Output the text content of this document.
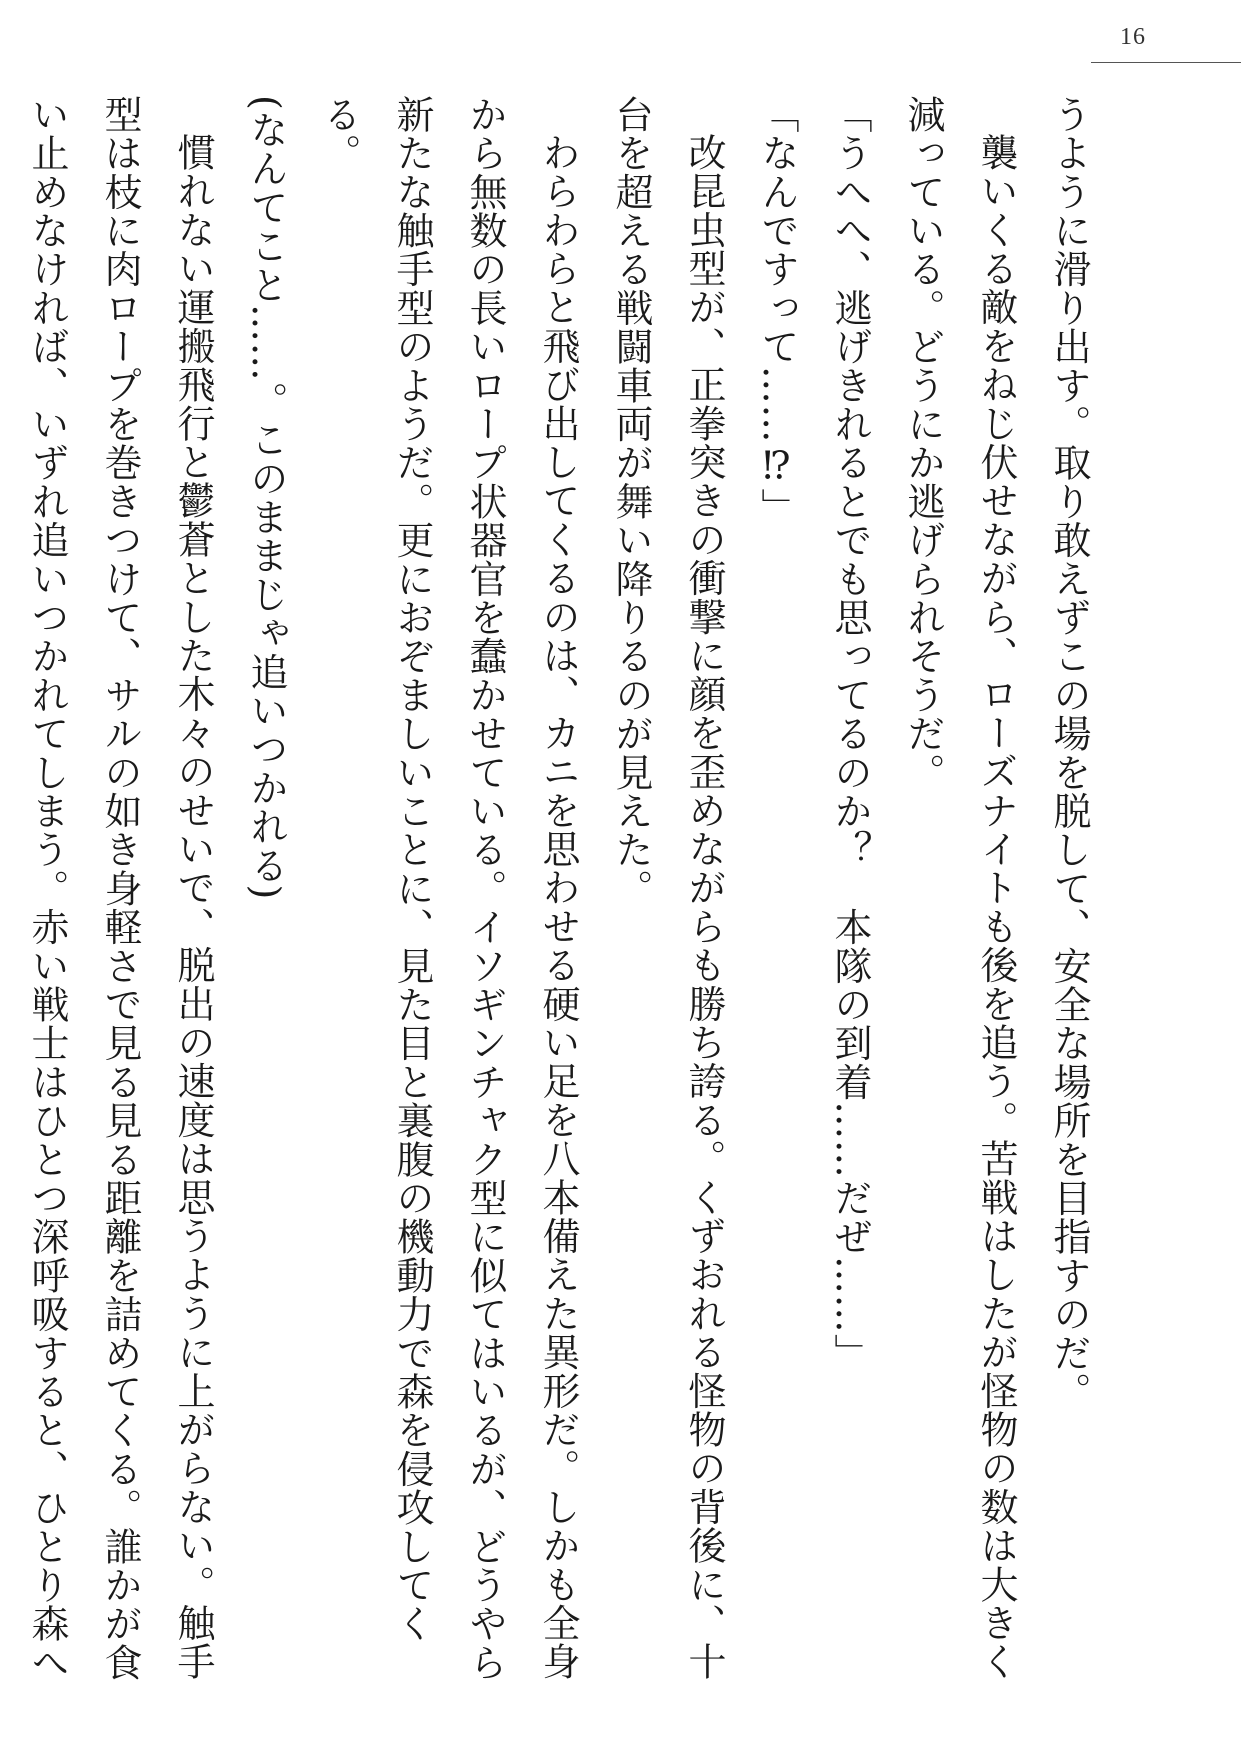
16

うように滑り出す。取り敢えずこの場を脱して、安全な場所を目指すのだ。

襲いくる敵をねじ伏せながら、ローズナイトも後を追う。苦戦はしたが怪物の数は大きく減っている。どうにか逃げられそうだ。

「うへへ、逃げきれるとでも思ってるのか？　本隊の到着……だぜ……」

「なんですって……⁉」

改昆虫型が、正拳突きの衝撃に顔を歪めながらも勝ち誇る。くずおれる怪物の背後に、十台を超える戦闘車両が舞い降りるのが見えた。

わらわらと飛び出してくるのは、カニを思わせる硬い足を八本備えた異形だ。しかも全身から無数の長いロープ状器官を蠢かせている。イソギンチャク型に似てはいるが、どうやら新たな触手型のようだ。更におぞましいことに、見た目と裏腹の機動力で森を侵攻してくる。

(なんてこと……。このままじゃ追いつかれる)

慣れない運搬飛行と鬱蒼とした木々のせいで、脱出の速度は思うように上がらない。触手型は枝に肉ロープを巻きつけて、サルの如き身軽さで見る見る距離を詰めてくる。誰かが食い止めなければ、いずれ追いつかれてしまう。赤い戦士はひとつ深呼吸すると、ひとり森へ
